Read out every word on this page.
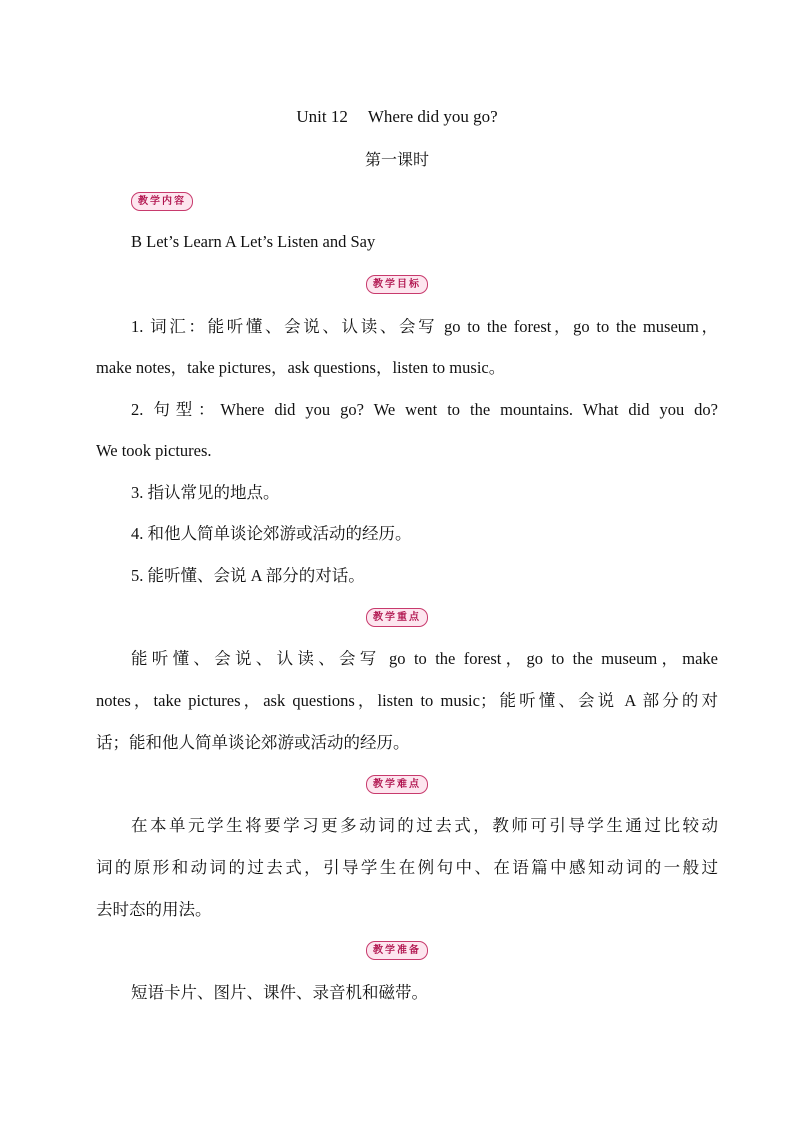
Unit 12 Where did you go?
第一课时
教学内容
B Let’s Learn A Let’s Listen and Say
教学目标
1. 词汇：能听懂、会说、认读、会写 go to the forest，go to the museum，
make notes，take pictures，ask questions，listen to music。
2. 句型：Where did you go? We went to the mountains. What did you do?
We took pictures.
3. 指认常见的地点。
4. 和他人简单谈论郊游或活动的经历。
5. 能听懂、会说 A 部分的对话。
教学重点
能听懂、会说、认读、会写 go to the forest，go to the museum，make
notes，take pictures，ask questions，listen to music；能听懂、会说 A 部分的对
话；能和他人简单谈论郊游或活动的经历。
教学难点
在本单元学生将要学习更多动词的过去式，教师可引导学生通过比较动
词的原形和动词的过去式，引导学生在例句中、在语篇中感知动词的一般过
去时态的用法。
教学准备
短语卡片、图片、课件、录音机和磁带。
